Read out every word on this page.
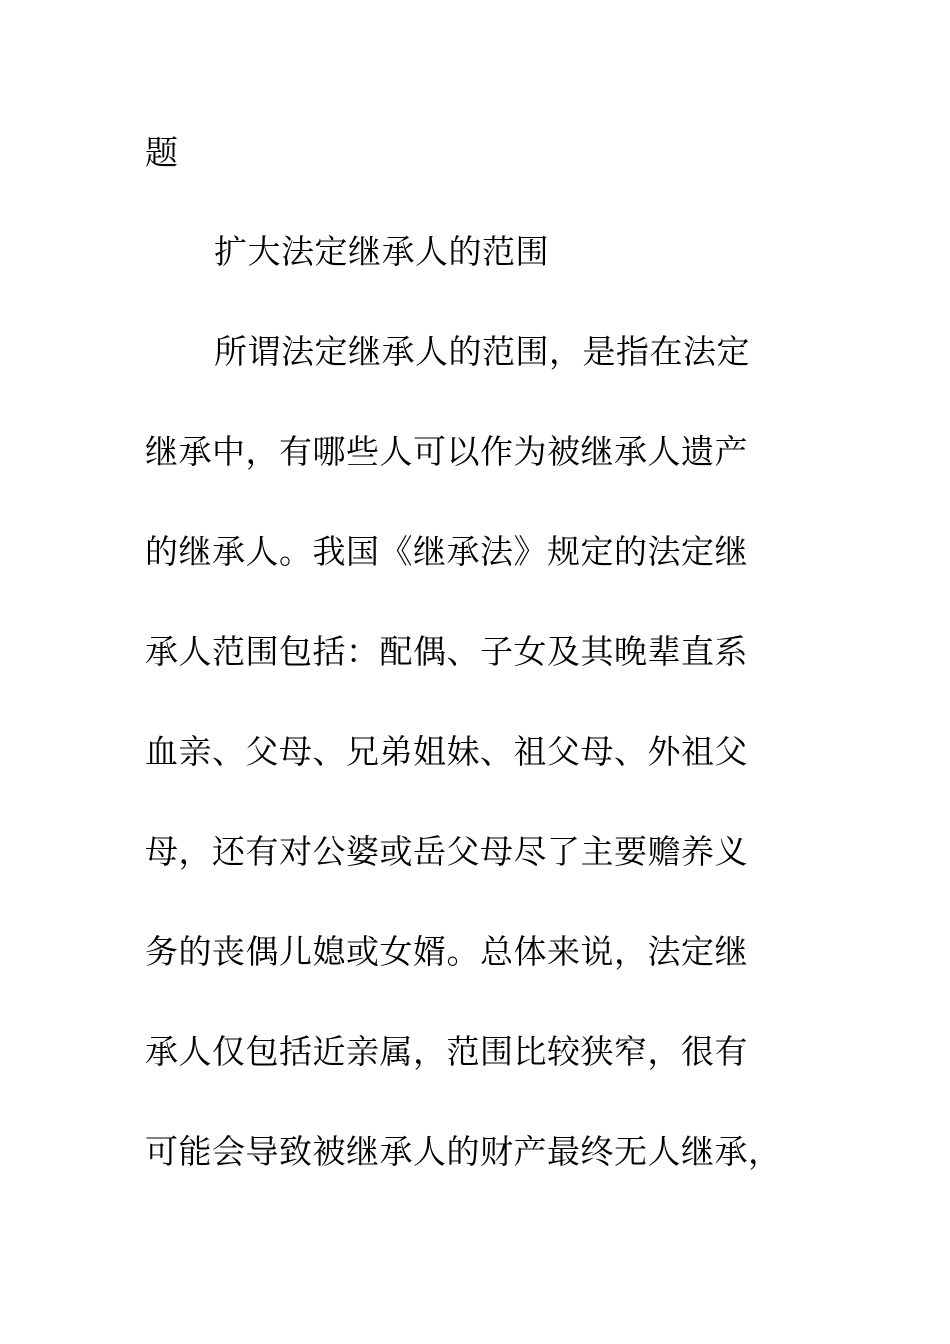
题
扩大法定继承人的范围
所谓法定继承人的范围，是指在法定
继承中，有哪些人可以作为被继承人遗产
的继承人。我国《继承法》规定的法定继
承人范围包括：配偶、子女及其晚辈直系
血亲、父母、兄弟姐妹、祖父母、外祖父
母，还有对公婆或岳父母尽了主要赡养义
务的丧偶儿媳或女婿。总体来说，法定继
承人仅包括近亲属，范围比较狭窄，很有
可能会导致被继承人的财产最终无人继承，
